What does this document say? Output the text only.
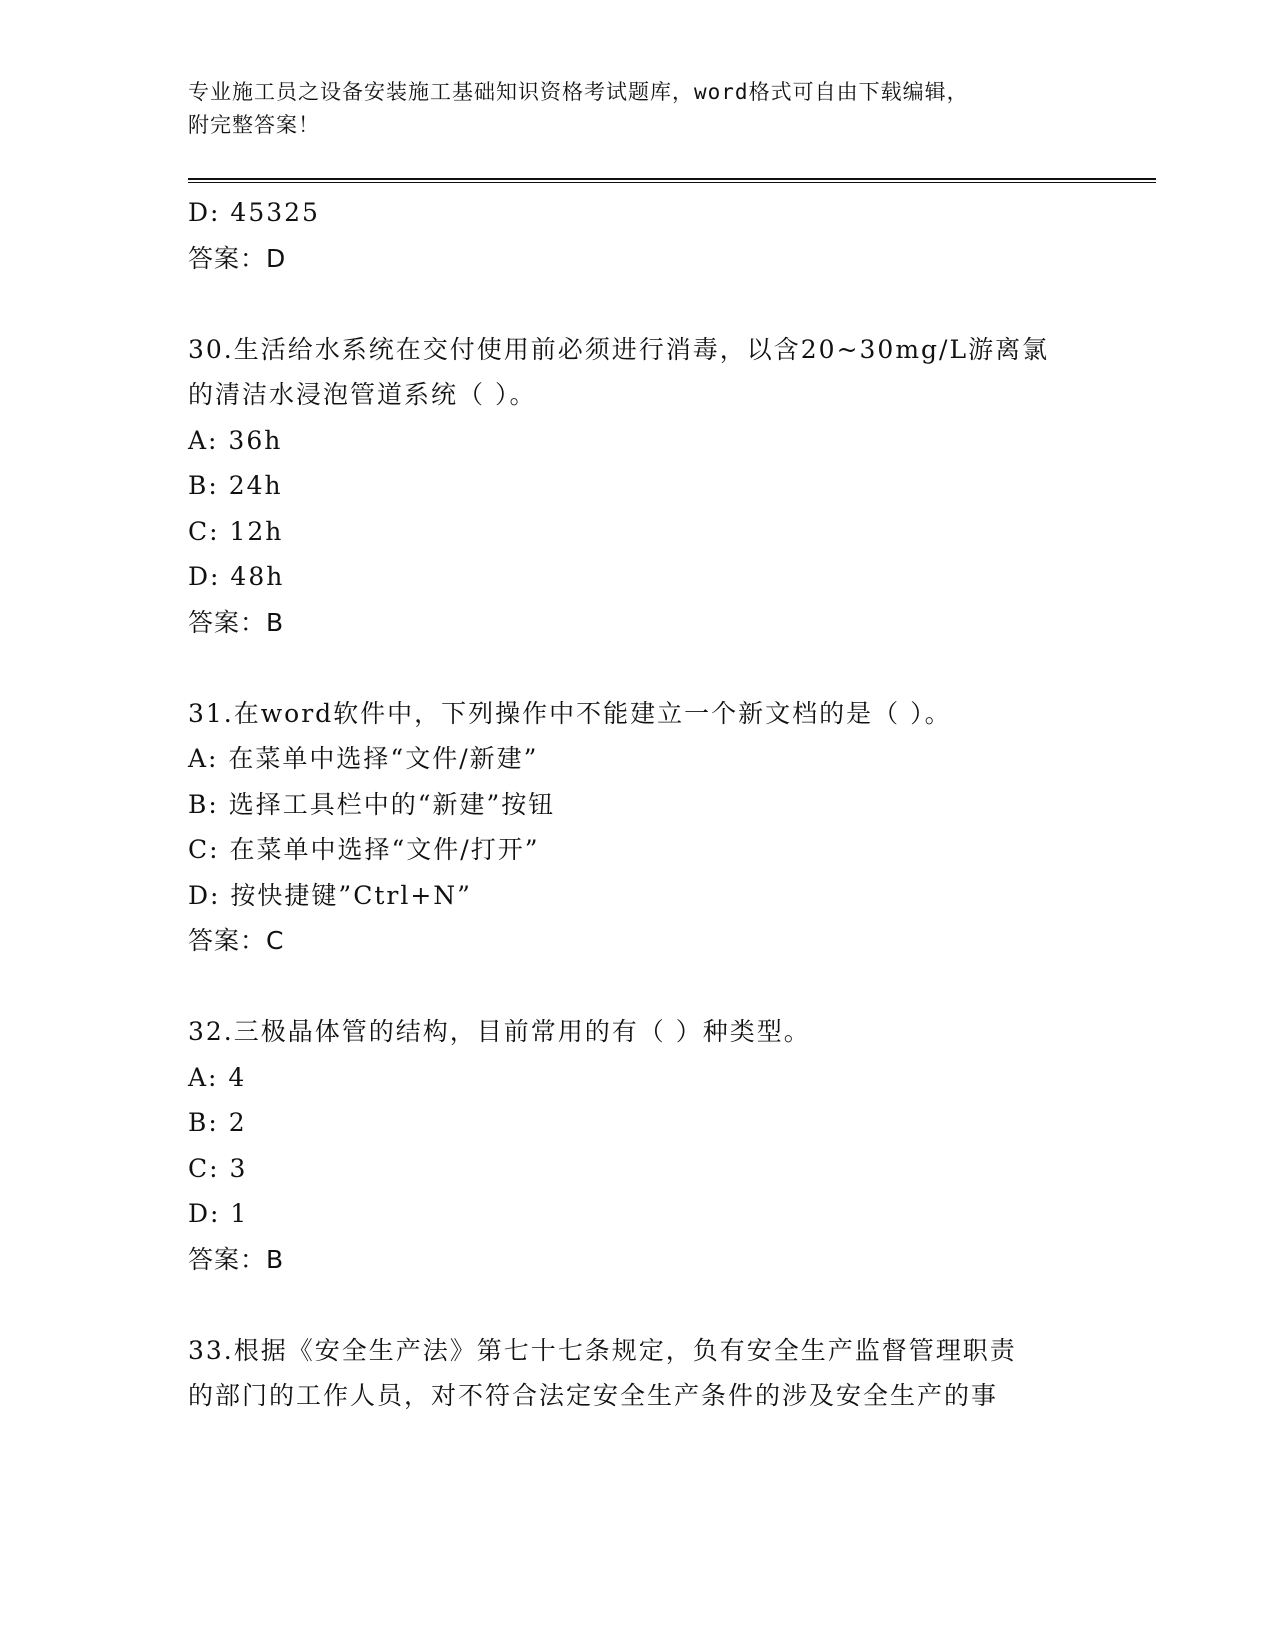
专业施工员之设备安装施工基础知识资格考试题库，word格式可自由下载编辑，
附完整答案！
D: 45325
答案：D
30.生活给水系统在交付使用前必须进行消毒，以含20~30mg/L游离氯
的清洁水浸泡管道系统（ ）。
A: 36h
B: 24h
C: 12h
D: 48h
答案：B
31.在word软件中，下列操作中不能建立一个新文档的是（ ）。
A: 在菜单中选择“文件/新建”
B: 选择工具栏中的“新建”按钮
C: 在菜单中选择“文件/打开”
D: 按快捷键”Ctrl+N”
答案：C
32.三极晶体管的结构，目前常用的有（ ）种类型。
A: 4
B: 2
C: 3
D: 1
答案：B
33.根据《安全生产法》第七十七条规定，负有安全生产监督管理职责
的部门的工作人员，对不符合法定安全生产条件的涉及安全生产的事
